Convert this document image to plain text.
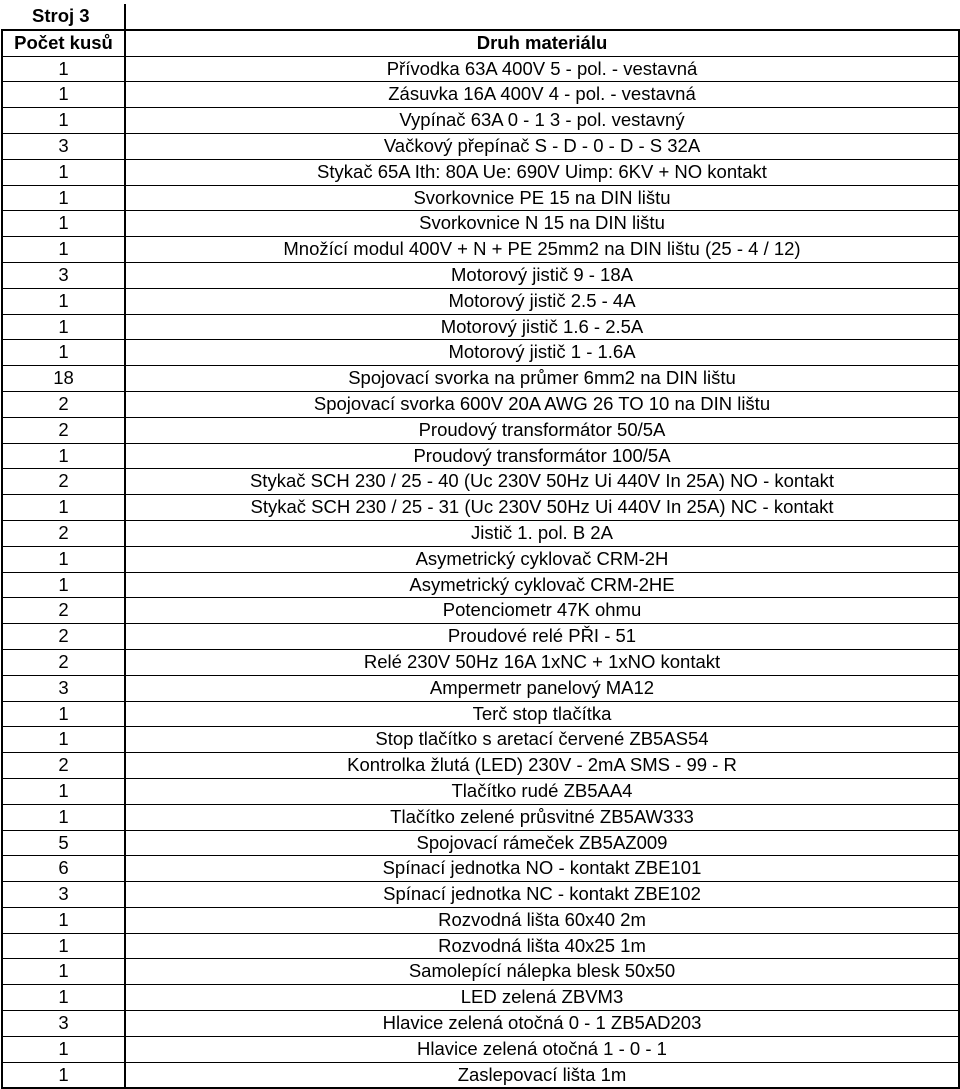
Stroj 3	
Počet kusů	Druh materiálu
1	Přívodka 63A 400V 5 - pol. - vestavná
1	Zásuvka 16A 400V 4 - pol. - vestavná
1	Vypínač 63A 0 - 1 3 - pol. vestavný
3	Vačkový přepínač S - D - 0 - D - S 32A
1	Stykač 65A Ith: 80A Ue: 690V Uimp: 6KV + NO kontakt
1	Svorkovnice PE 15 na DIN lištu
1	Svorkovnice N 15 na DIN lištu
1	Množící modul 400V + N + PE 25mm2 na DIN lištu (25 - 4 / 12)
3	Motorový jistič 9 - 18A
1	Motorový jistič 2.5 - 4A
1	Motorový jistič 1.6 - 2.5A
1	Motorový jistič 1 - 1.6A
18	Spojovací svorka na průmer 6mm2 na DIN lištu
2	Spojovací svorka 600V 20A AWG 26 TO 10 na DIN lištu
2	Proudový transformátor 50/5A
1	Proudový transformátor 100/5A
2	Stykač SCH 230 / 25 - 40 (Uc 230V 50Hz Ui 440V In 25A) NO - kontakt
1	Stykač SCH 230 / 25 - 31 (Uc 230V 50Hz Ui 440V In 25A) NC - kontakt
2	Jistič 1. pol. B 2A
1	Asymetrický cyklovač CRM-2H
1	Asymetrický cyklovač CRM-2HE
2	Potenciometr 47K ohmu
2	Proudové relé PŘI - 51
2	Relé 230V 50Hz 16A 1xNC + 1xNO kontakt
3	Ampermetr panelový MA12
1	Terč stop tlačítka
1	Stop tlačítko s aretací červené ZB5AS54
2	Kontrolka žlutá (LED) 230V - 2mA SMS - 99 - R
1	Tlačítko rudé ZB5AA4
1	Tlačítko zelené průsvitné ZB5AW333
5	Spojovací rámeček ZB5AZ009
6	Spínací jednotka NO - kontakt ZBE101
3	Spínací jednotka NC - kontakt ZBE102
1	Rozvodná lišta 60x40 2m
1	Rozvodná lišta 40x25 1m
1	Samolepící nálepka blesk 50x50
1	LED zelená ZBVM3
3	Hlavice zelená otočná 0 - 1 ZB5AD203
1	Hlavice zelená otočná 1 - 0 - 1
1	Zaslepovací lišta 1m
